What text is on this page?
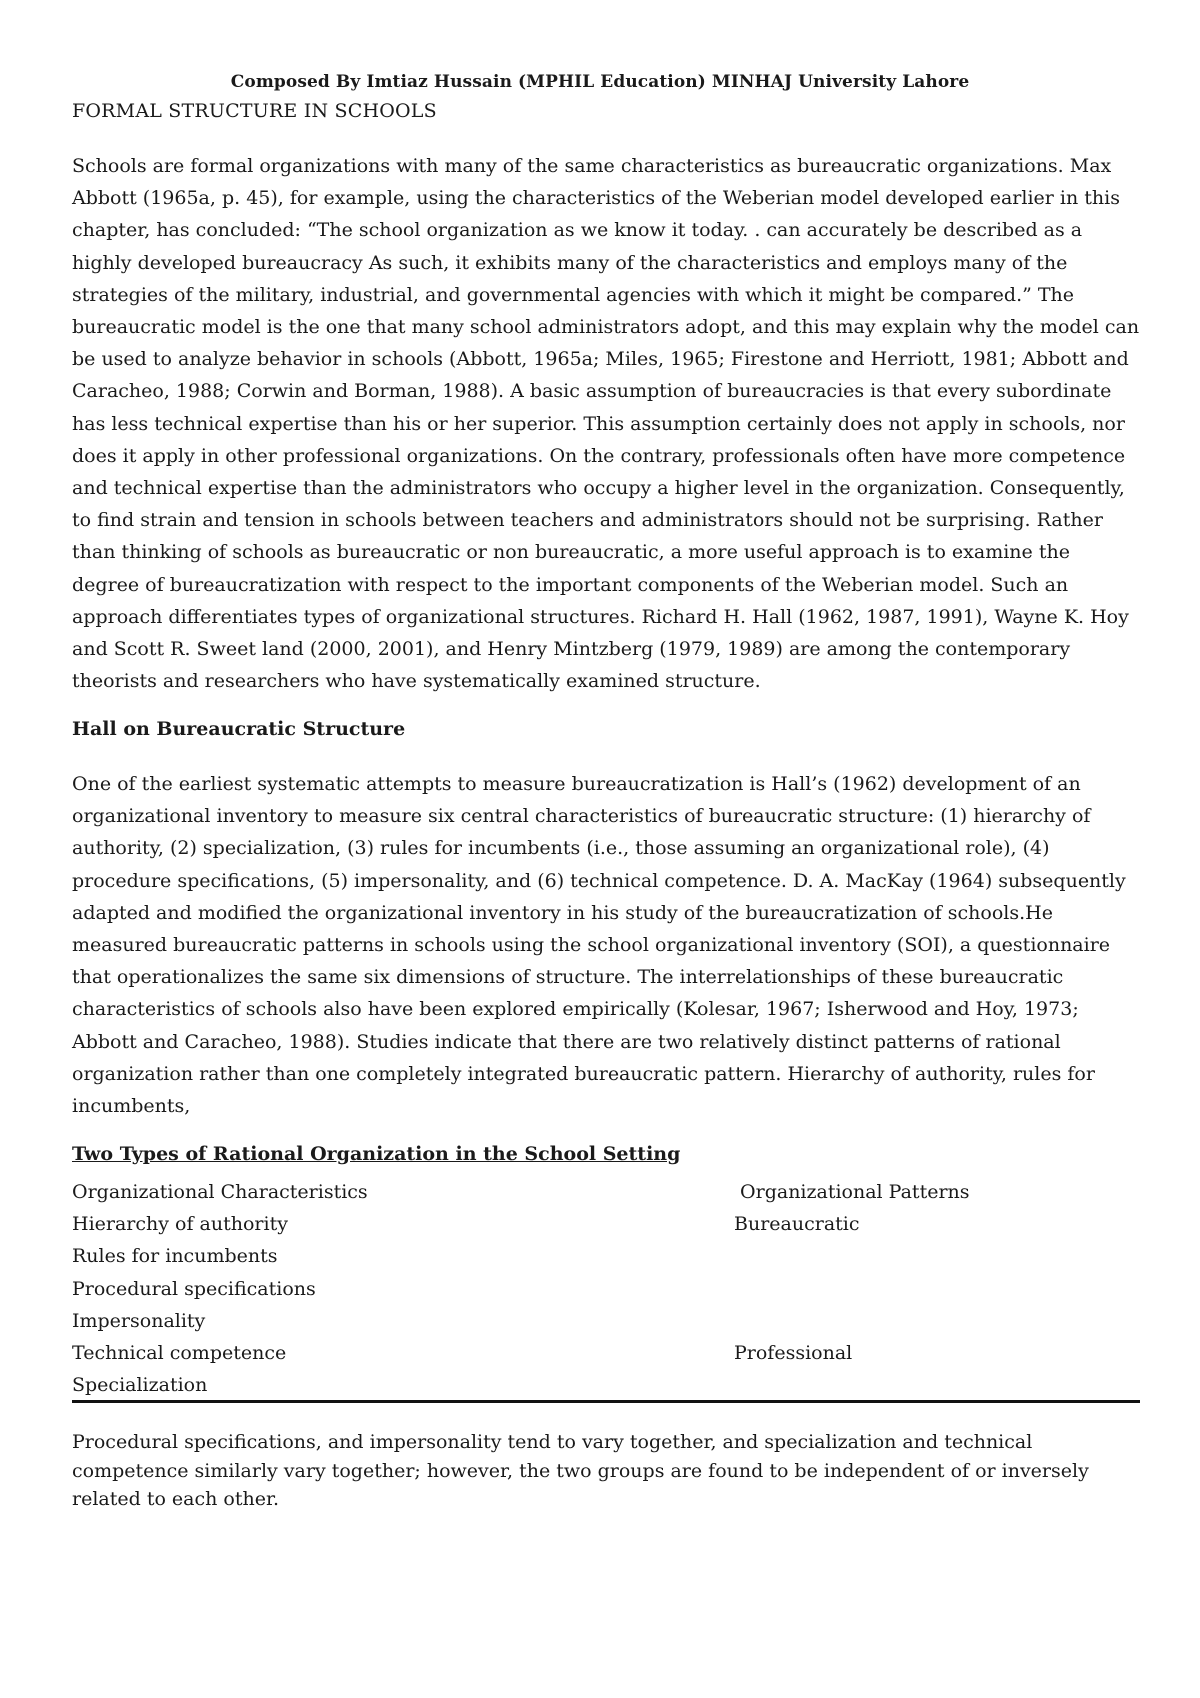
Composed By Imtiaz Hussain (MPHIL Education) MINHAJ University Lahore
FORMAL STRUCTURE IN SCHOOLS

Schools are formal organizations with many of the same characteristics as bureaucratic organizations. Max Abbott (1965a, p. 45), for example, using the characteristics of the Weberian model developed earlier in this chapter, has concluded: “The school organization as we know it today. . can accurately be described as a highly developed bureaucracy As such, it exhibits many of the characteristics and employs many of the strategies of the military, industrial, and governmental agencies with which it might be compared.” The bureaucratic model is the one that many school administrators adopt, and this may explain why the model can be used to analyze behavior in schools (Abbott, 1965a; Miles, 1965; Firestone and Herriott, 1981; Abbott and Caracheo, 1988; Corwin and Borman, 1988). A basic assumption of bureaucracies is that every subordinate has less technical expertise than his or her superior. This assumption certainly does not apply in schools, nor does it apply in other professional organizations. On the contrary, professionals often have more competence and technical expertise than the administrators who occupy a higher level in the organization. Consequently, to find strain and tension in schools between teachers and administrators should not be surprising. Rather than thinking of schools as bureaucratic or non bureaucratic, a more useful approach is to examine the degree of bureaucratization with respect to the important components of the Weberian model. Such an approach differentiates types of organizational structures. Richard H. Hall (1962, 1987, 1991), Wayne K. Hoy and Scott R. Sweet land (2000, 2001), and Henry Mintzberg (1979, 1989) are among the contemporary theorists and researchers who have systematically examined structure.

Hall on Bureaucratic Structure

One of the earliest systematic attempts to measure bureaucratization is Hall’s (1962) development of an organizational inventory to measure six central characteristics of bureaucratic structure: (1) hierarchy of authority, (2) specialization, (3) rules for incumbents (i.e., those assuming an organizational role), (4) procedure specifications, (5) impersonality, and (6) technical competence. D. A. MacKay (1964) subsequently adapted and modified the organizational inventory in his study of the bureaucratization of schools.He measured bureaucratic patterns in schools using the school organizational inventory (SOI), a questionnaire that operationalizes the same six dimensions of structure. The interrelationships of these bureaucratic characteristics of schools also have been explored empirically (Kolesar, 1967; Isherwood and Hoy, 1973; Abbott and Caracheo, 1988). Studies indicate that there are two relatively distinct patterns of rational organization rather than one completely integrated bureaucratic pattern. Hierarchy of authority, rules for incumbents,

Two Types of Rational Organization in the School Setting
Organizational Characteristics	Organizational Patterns
Hierarchy of authority	Bureaucratic
Rules for incumbents
Procedural specifications
Impersonality
Technical competence	Professional
Specialization

Procedural specifications, and impersonality tend to vary together, and specialization and technical competence similarly vary together; however, the two groups are found to be independent of or inversely related to each other.
